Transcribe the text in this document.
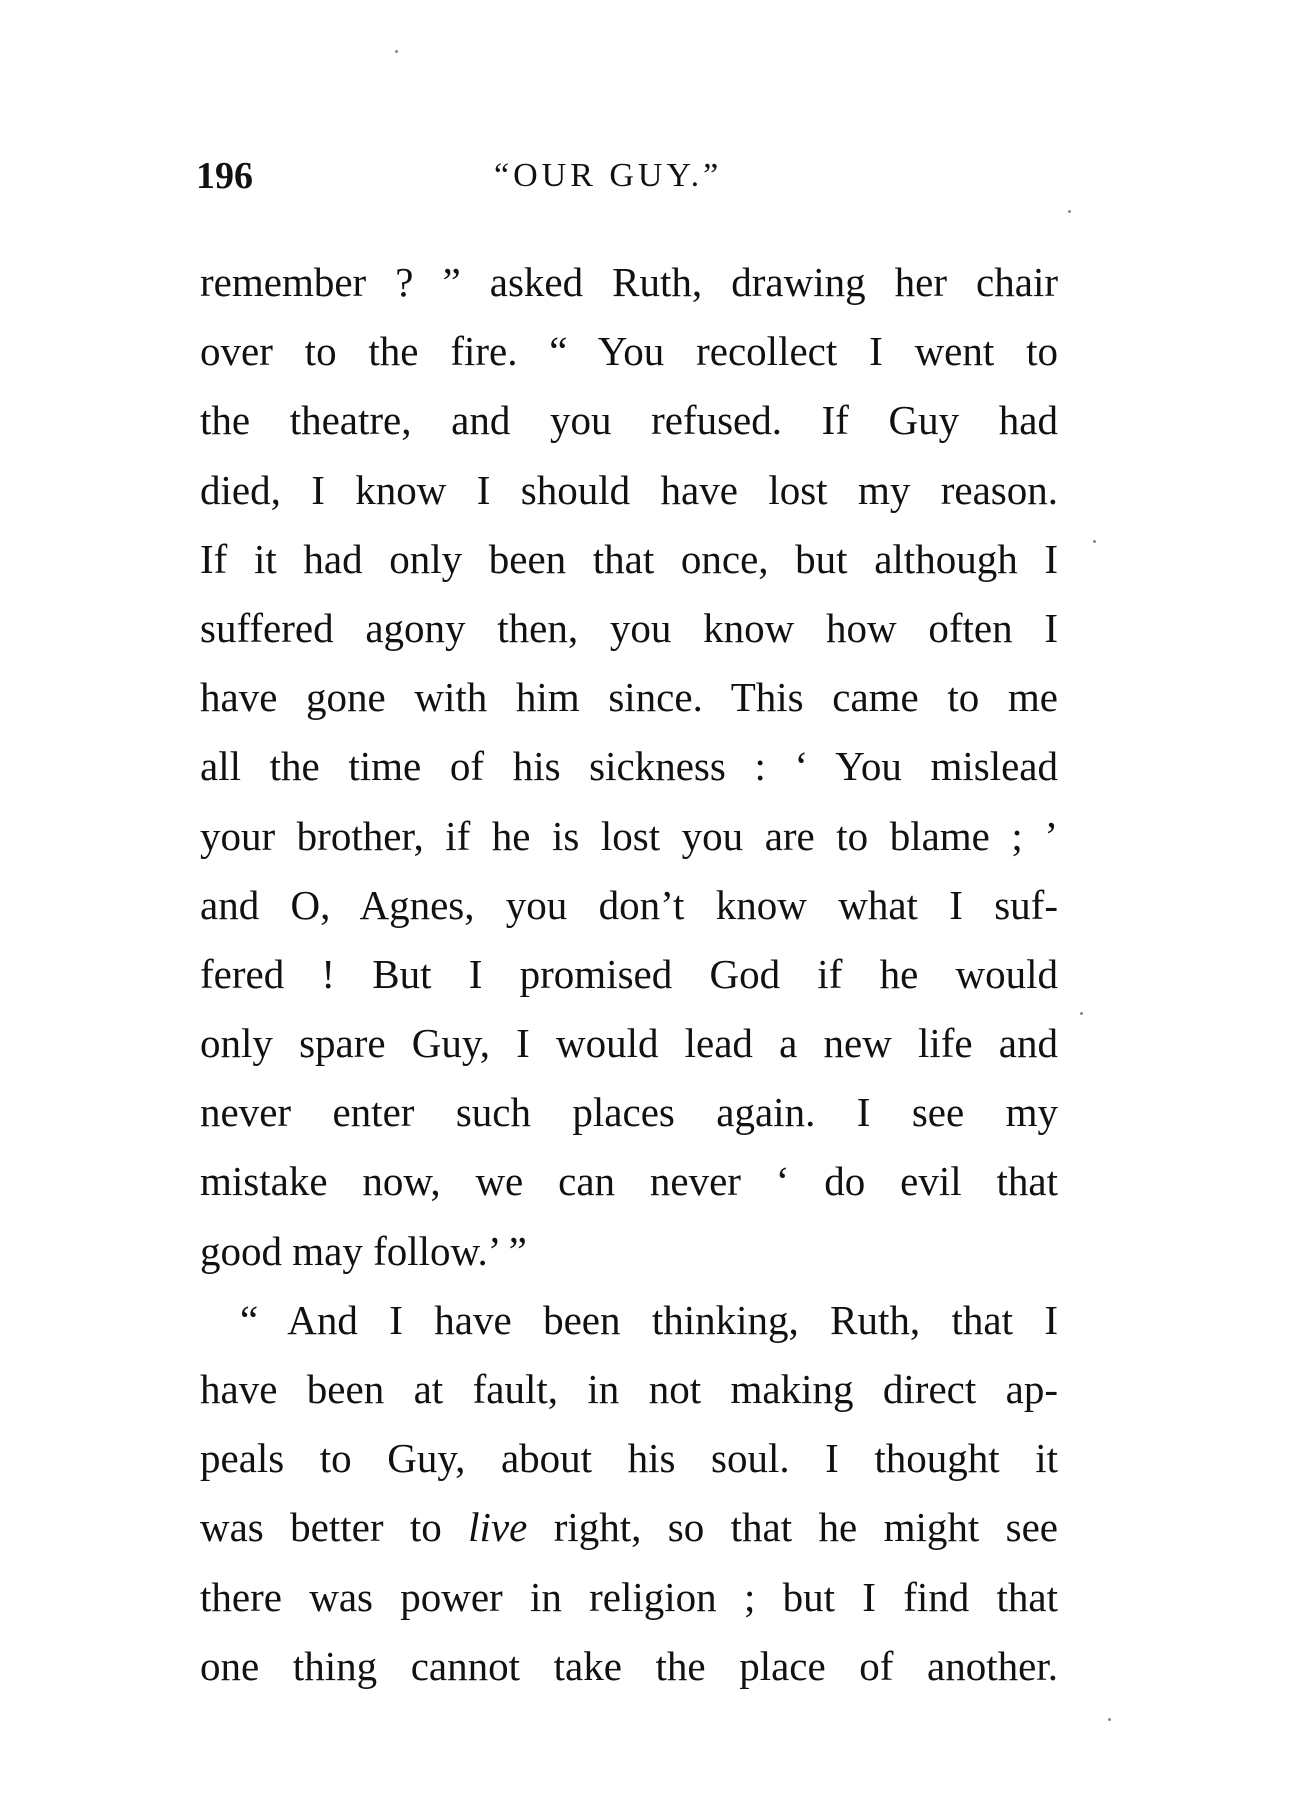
196	“OUR GUY.”
remember ? ” asked Ruth, drawing her chair
over to the fire. “ You recollect I went to
the theatre, and you refused. If Guy had
died, I know I should have lost my reason.
If it had only been that once, but although I
suffered agony then, you know how often I
have gone with him since. This came to me
all the time of his sickness : ‘ You mislead
your brother, if he is lost you are to blame ; ’
and O, Agnes, you don’t know what I suf-
fered ! But I promised God if he would
only spare Guy, I would lead a new life and
never enter such places again. I see my
mistake now, we can never ‘ do evil that
good may follow.’ ”
“ And I have been thinking, Ruth, that I
have been at fault, in not making direct ap-
peals to Guy, about his soul. I thought it
was better to live right, so that he might see
there was power in religion ; but I find that
one thing cannot take the place of another.
